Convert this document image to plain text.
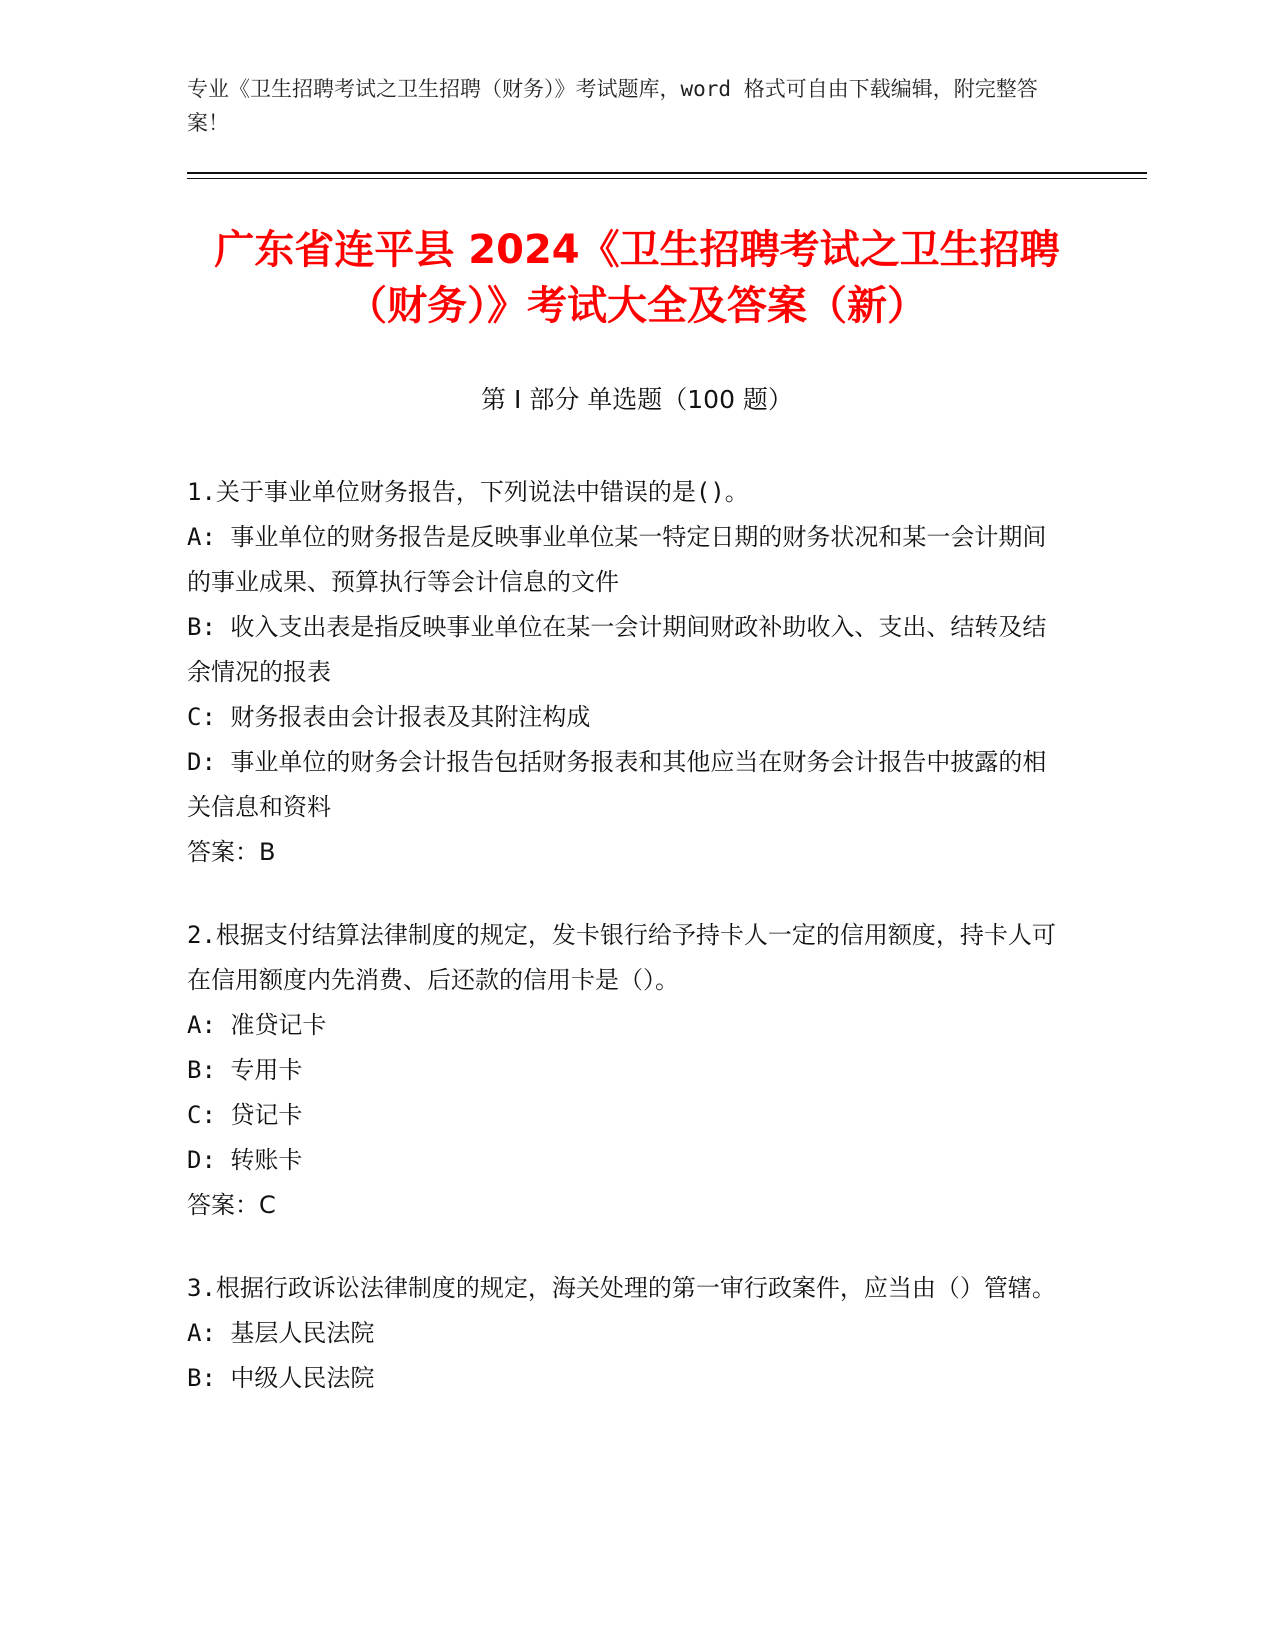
专业《卫生招聘考试之卫生招聘（财务）》考试题库，word 格式可自由下载编辑，附完整答案！
广东省连平县 2024《卫生招聘考试之卫生招聘（财务）》考试大全及答案（新）
第 I 部分 单选题（100 题）
1.关于事业单位财务报告，下列说法中错误的是()。
A: 事业单位的财务报告是反映事业单位某一特定日期的财务状况和某一会计期间的事业成果、预算执行等会计信息的文件
B: 收入支出表是指反映事业单位在某一会计期间财政补助收入、支出、结转及结余情况的报表
C: 财务报表由会计报表及其附注构成
D: 事业单位的财务会计报告包括财务报表和其他应当在财务会计报告中披露的相关信息和资料
答案：B
2.根据支付结算法律制度的规定，发卡银行给予持卡人一定的信用额度，持卡人可在信用额度内先消费、后还款的信用卡是（）。
A: 准贷记卡
B: 专用卡
C: 贷记卡
D: 转账卡
答案：C
3.根据行政诉讼法律制度的规定，海关处理的第一审行政案件，应当由（）管辖。
A: 基层人民法院
B: 中级人民法院
